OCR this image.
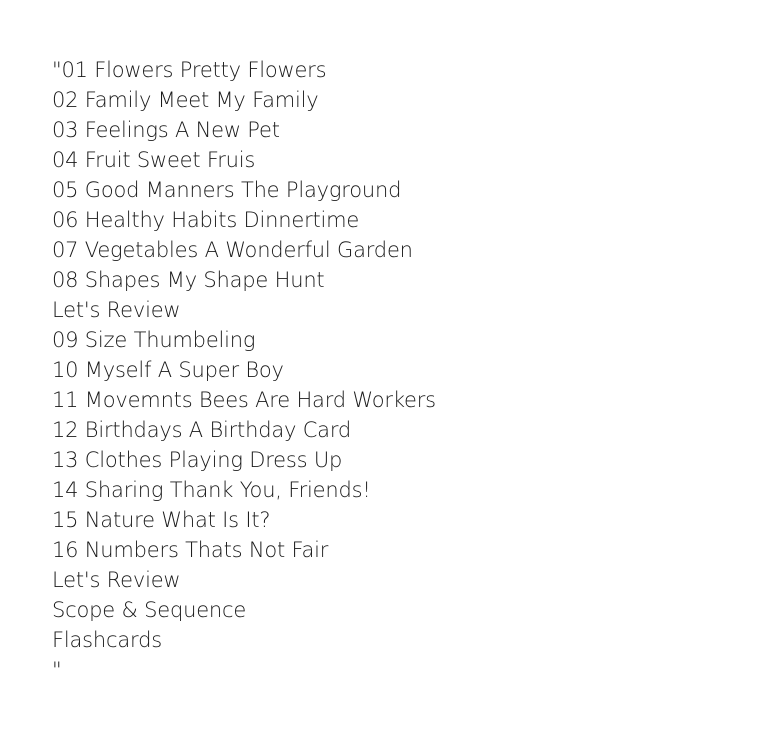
"01 Flowers Pretty Flowers
02 Family Meet My Family
03 Feelings A New Pet
04 Fruit Sweet Fruis
05 Good Manners The Playground
06 Healthy Habits Dinnertime
07 Vegetables A Wonderful Garden
08 Shapes My Shape Hunt
Let's Review
09 Size Thumbeling
10 Myself A Super Boy
11 Movemnts Bees Are Hard Workers
12 Birthdays A Birthday Card
13 Clothes Playing Dress Up
14 Sharing Thank You, Friends!
15 Nature What Is It?
16 Numbers Thats Not Fair
Let's Review
Scope & Sequence
Flashcards
"
